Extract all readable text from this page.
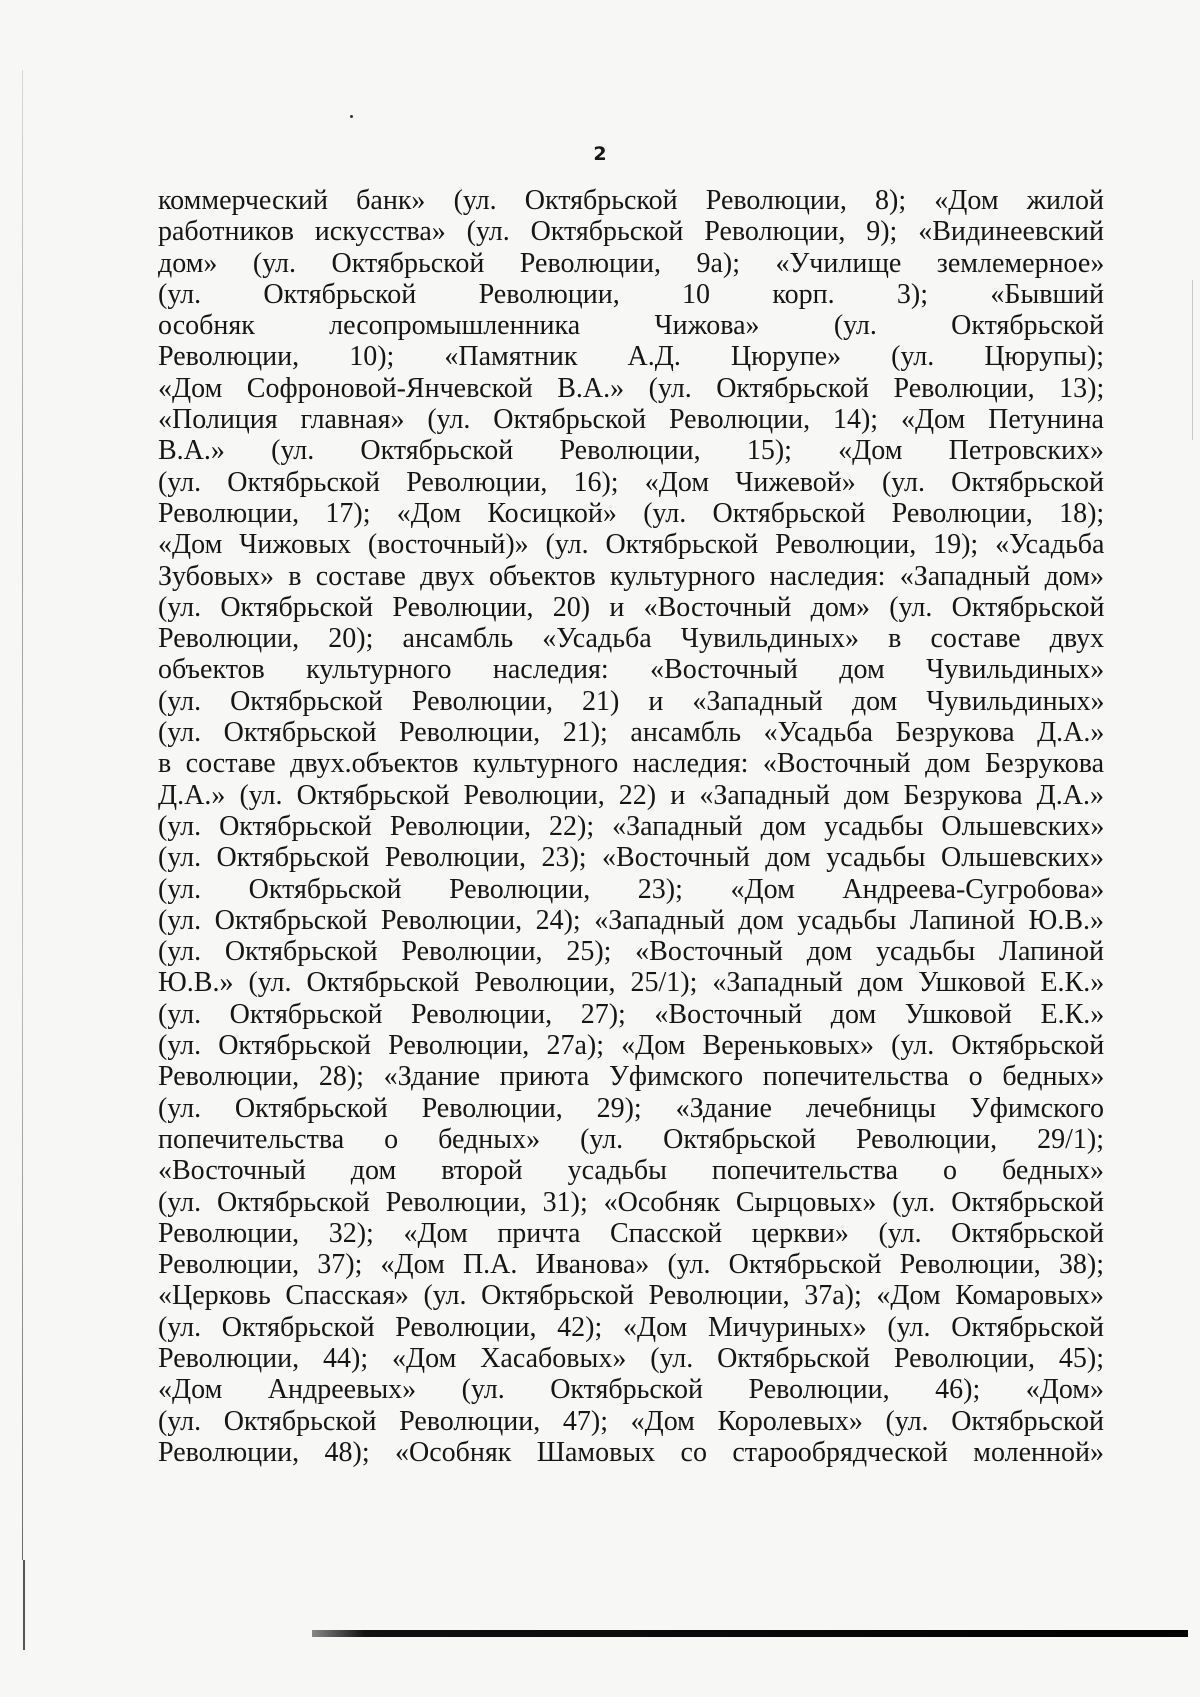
2
коммерческий банк» (ул. Октябрьской Революции, 8); «Дом жилой
работников искусства» (ул. Октябрьской Революции, 9); «Видинеевский
дом» (ул. Октябрьской Революции, 9а); «Училище землемерное»
(ул. Октябрьской Революции, 10 корп. 3); «Бывший
особняк лесопромышленника Чижова» (ул. Октябрьской
Революции, 10); «Памятник А.Д. Цюрупе» (ул. Цюрупы);
«Дом Софроновой-Янчевской В.А.» (ул. Октябрьской Революции, 13);
«Полиция главная» (ул. Октябрьской Революции, 14); «Дом Петунина
В.А.» (ул. Октябрьской Революции, 15); «Дом Петровских»
(ул. Октябрьской Революции, 16); «Дом Чижевой» (ул. Октябрьской
Революции, 17); «Дом Косицкой» (ул. Октябрьской Революции, 18);
«Дом Чижовых (восточный)» (ул. Октябрьской Революции, 19); «Усадьба
Зубовых» в составе двух объектов культурного наследия: «Западный дом»
(ул. Октябрьской Революции, 20) и «Восточный дом» (ул. Октябрьской
Революции, 20); ансамбль «Усадьба Чувильдиных» в составе двух
объектов культурного наследия: «Восточный дом Чувильдиных»
(ул. Октябрьской Революции, 21) и «Западный дом Чувильдиных»
(ул. Октябрьской Революции, 21); ансамбль «Усадьба Безрукова Д.А.»
в составе двух.объектов культурного наследия: «Восточный дом Безрукова
Д.А.» (ул. Октябрьской Революции, 22) и «Западный дом Безрукова Д.А.»
(ул. Октябрьской Революции, 22); «Западный дом усадьбы Ольшевских»
(ул. Октябрьской Революции, 23); «Восточный дом усадьбы Ольшевских»
(ул. Октябрьской Революции, 23); «Дом Андреева-Сугробова»
(ул. Октябрьской Революции, 24); «Западный дом усадьбы Лапиной Ю.В.»
(ул. Октябрьской Революции, 25); «Восточный дом усадьбы Лапиной
Ю.В.» (ул. Октябрьской Революции, 25/1); «Западный дом Ушковой Е.К.»
(ул. Октябрьской Революции, 27); «Восточный дом Ушковой Е.К.»
(ул. Октябрьской Революции, 27а); «Дом Вереньковых» (ул. Октябрьской
Революции, 28); «Здание приюта Уфимского попечительства о бедных»
(ул. Октябрьской Революции, 29); «Здание лечебницы Уфимского
попечительства о бедных» (ул. Октябрьской Революции, 29/1);
«Восточный дом второй усадьбы попечительства о бедных»
(ул. Октябрьской Революции, 31); «Особняк Сырцовых» (ул. Октябрьской
Революции, 32); «Дом причта Спасской церкви» (ул. Октябрьской
Революции, 37); «Дом П.А. Иванова» (ул. Октябрьской Революции, 38);
«Церковь Спасская» (ул. Октябрьской Революции, 37а); «Дом Комаровых»
(ул. Октябрьской Революции, 42); «Дом Мичуриных» (ул. Октябрьской
Революции, 44); «Дом Хасабовых» (ул. Октябрьской Революции, 45);
«Дом Андреевых» (ул. Октябрьской Революции, 46); «Дом»
(ул. Октябрьской Революции, 47); «Дом Королевых» (ул. Октябрьской
Революции, 48); «Особняк Шамовых со старообрядческой моленной»
